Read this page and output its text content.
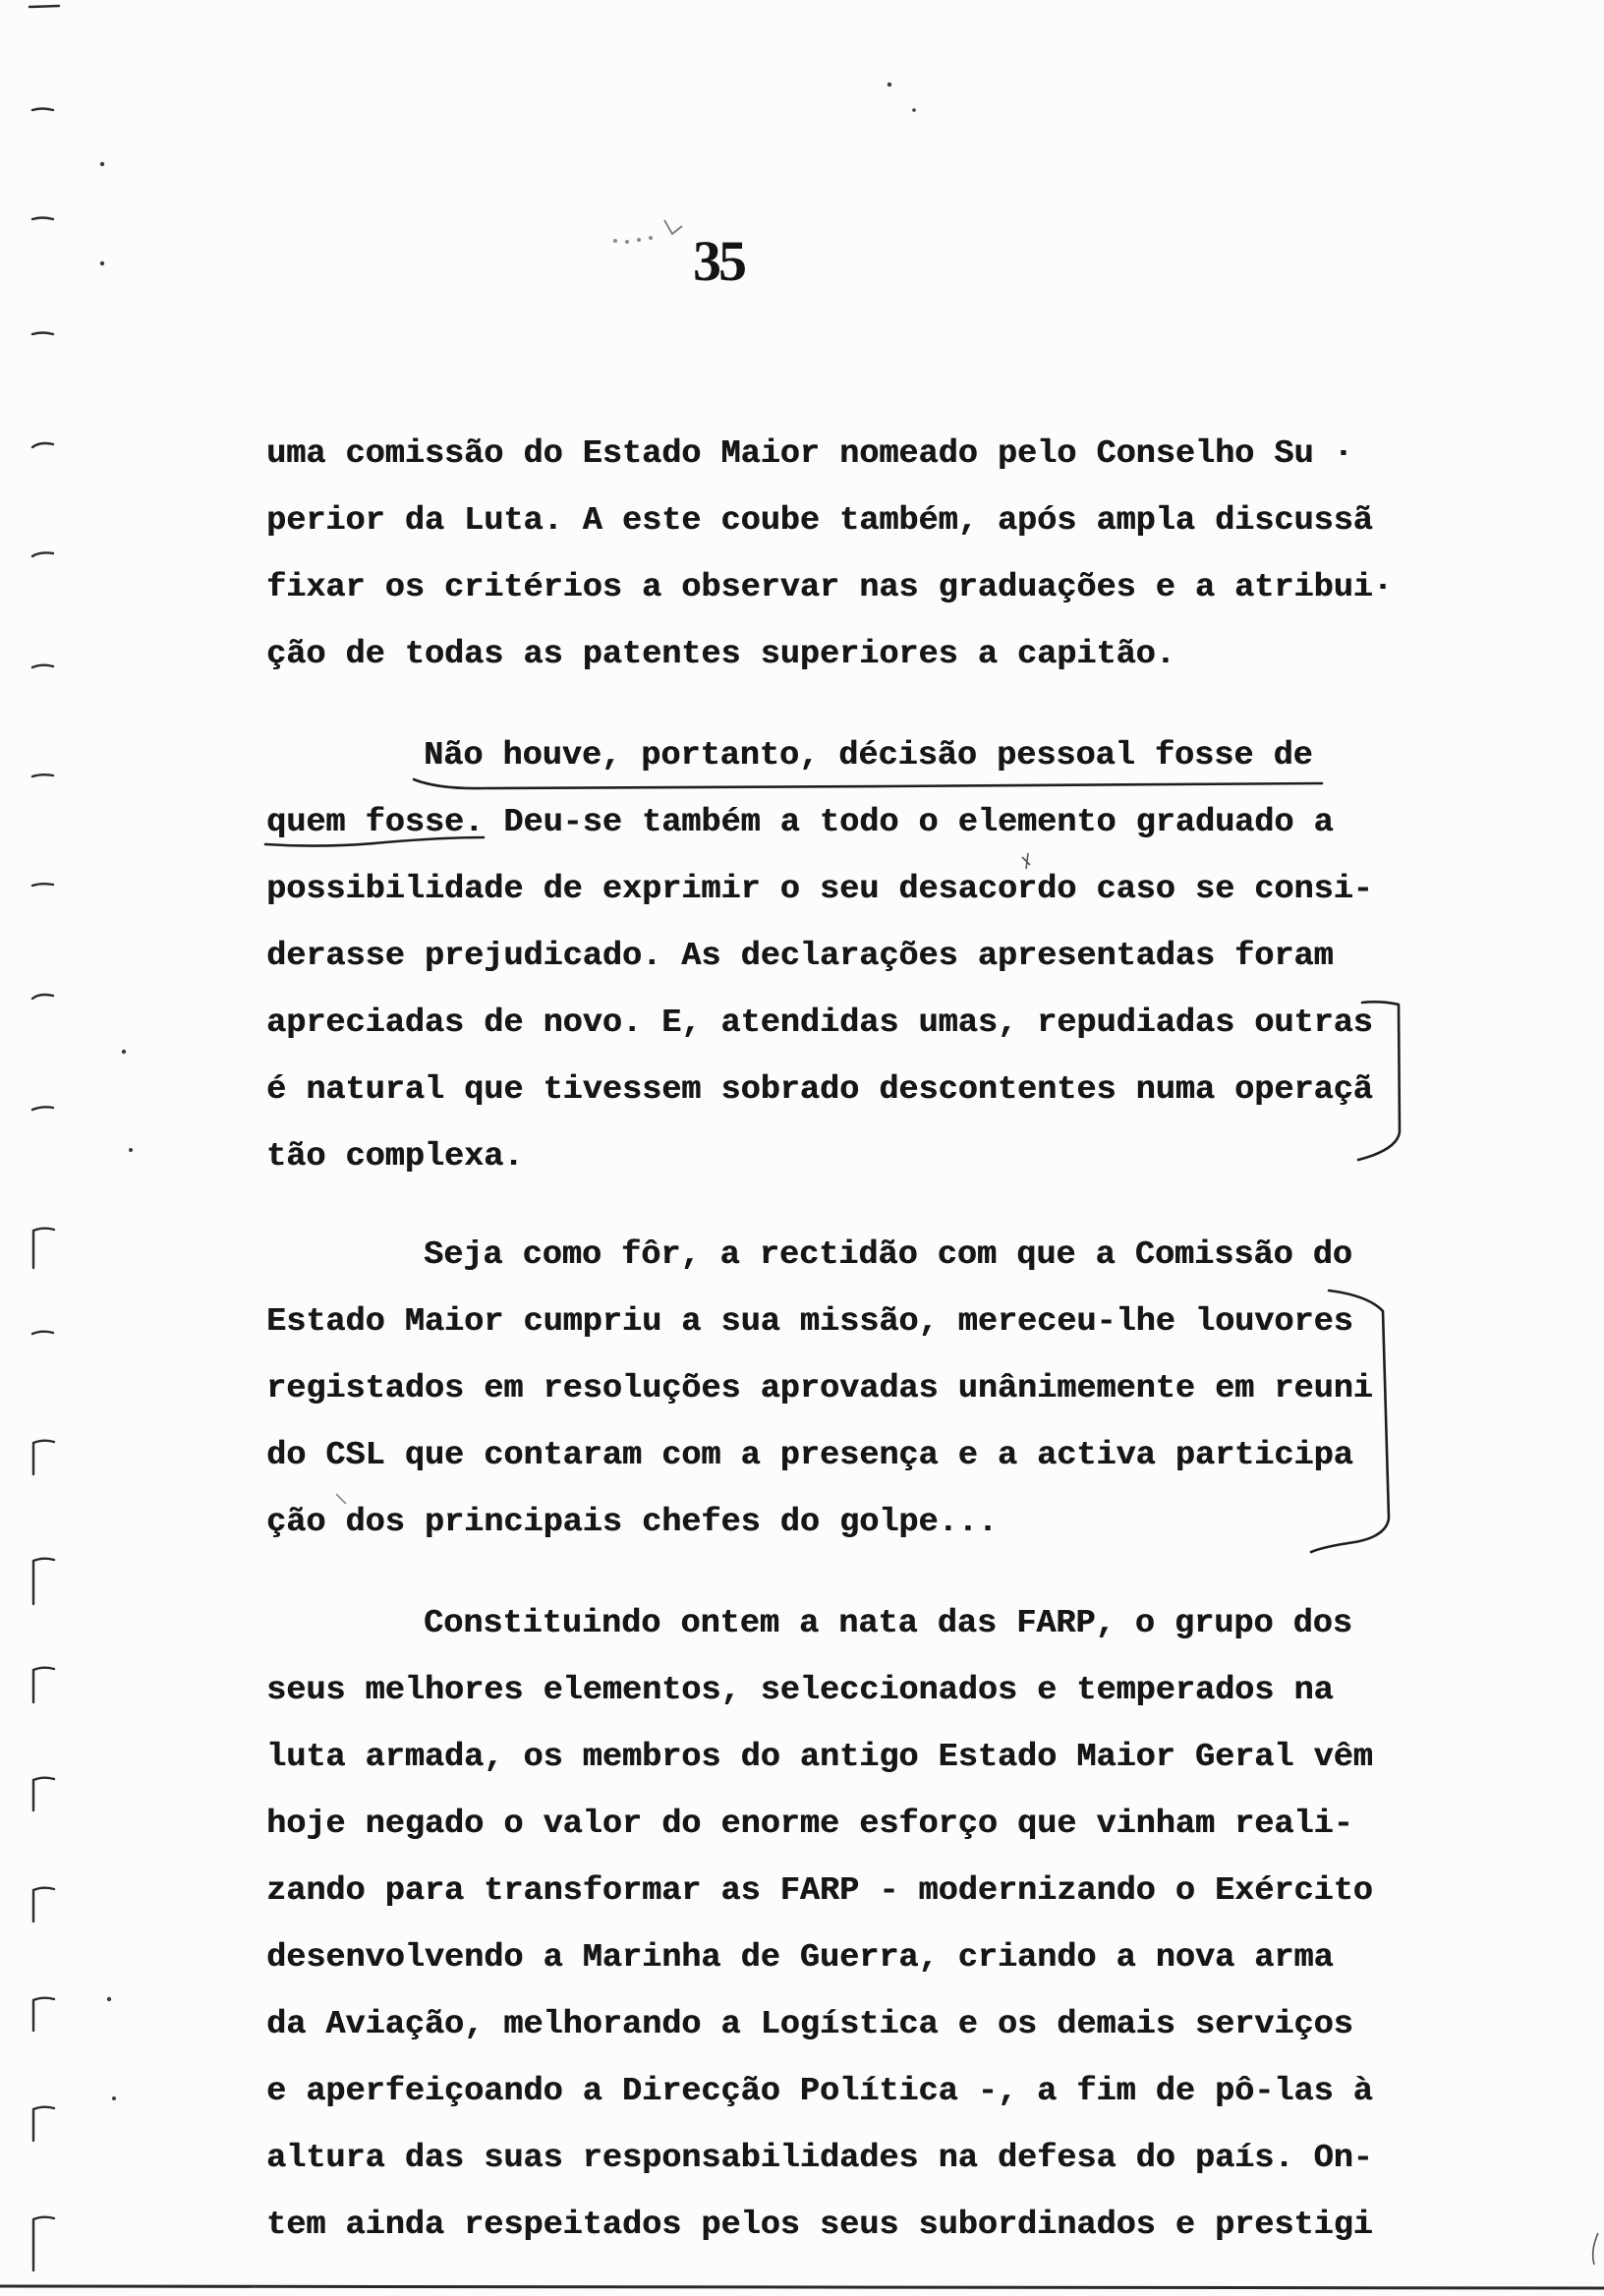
35
uma comissão do Estado Maior nomeado pelo Conselho Su ·
perior da Luta. A este coube também, após ampla discussã
fixar os critérios a observar nas graduações e a atribui·
ção de todas as patentes superiores a capitão.
Não houve, portanto, décisão pessoal fosse de
quem fosse. Deu-se também a todo o elemento graduado a
possibilidade de exprimir o seu desacordo caso se consi-
derasse prejudicado. As declarações apresentadas foram
apreciadas de novo. E, atendidas umas, repudiadas outras
é natural que tivessem sobrado descontentes numa operaçã
tão complexa.
Seja como fôr, a rectidão com que a Comissão do
Estado Maior cumpriu a sua missão, mereceu-lhe louvores
registados em resoluções aprovadas unânimemente em reuni
do CSL que contaram com a presença e a activa participa
ção dos principais chefes do golpe...
Constituindo ontem a nata das FARP, o grupo dos
seus melhores elementos, seleccionados e temperados na
luta armada, os membros do antigo Estado Maior Geral vêm
hoje negado o valor do enorme esforço que vinham reali-
zando para transformar as FARP - modernizando o Exército
desenvolvendo a Marinha de Guerra, criando a nova arma
da Aviação, melhorando a Logística e os demais serviços
e aperfeiçoando a Direcção Política -, a fim de pô-las à
altura das suas responsabilidades na defesa do país. On-
tem ainda respeitados pelos seus subordinados e prestigi
